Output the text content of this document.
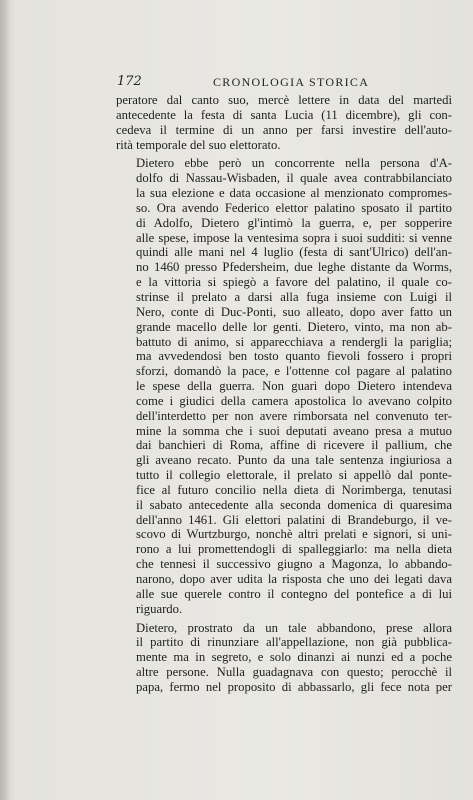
172	CRONOLOGIA STORICA
peratore dal canto suo, mercè lettere in data del martedì
antecedente la festa di santa Lucia (11 dicembre), gli con-
cedeva il termine di un anno per farsi investire dell'auto-
rità temporale del suo elettorato.
Dietero ebbe però un concorrente nella persona d'A-
dolfo di Nassau-Wisbaden, il quale avea contrabbilanciato
la sua elezione e data occasione al menzionato compromes-
so. Ora avendo Federico elettor palatino sposato il partito
di Adolfo, Dietero gl'intimò la guerra, e, per sopperire
alle spese, impose la ventesima sopra i suoi sudditi: si venne
quindi alle mani nel 4 luglio (festa di sant'Ulrico) dell'an-
no 1460 presso Pfedersheim, due leghe distante da Worms,
e la vittoria si spiegò a favore del palatino, il quale co-
strinse il prelato a darsi alla fuga insieme con Luigi il
Nero, conte di Duc-Ponti, suo alleato, dopo aver fatto un
grande macello delle lor genti. Dietero, vinto, ma non ab-
battuto di animo, si apparecchiava a rendergli la pariglia;
ma avvedendosi ben tosto quanto fievoli fossero i propri
sforzi, domandò la pace, e l'ottenne col pagare al palatino
le spese della guerra. Non guari dopo Dietero intendeva
come i giudici della camera apostolica lo avevano colpito
dell'interdetto per non avere rimborsata nel convenuto ter-
mine la somma che i suoi deputati aveano presa a mutuo
dai banchieri di Roma, affine di ricevere il pallium, che
gli aveano recato. Punto da una tale sentenza ingiuriosa a
tutto il collegio elettorale, il prelato si appellò dal ponte-
fice al futuro concilio nella dieta di Norimberga, tenutasi
il sabato antecedente alla seconda domenica di quaresima
dell'anno 1461. Gli elettori palatini di Brandeburgo, il ve-
scovo di Wurtzburgo, nonchè altri prelati e signori, si uni-
rono a lui promettendogli di spalleggiarlo: ma nella dieta
che tennesi il successivo giugno a Magonza, lo abbando-
narono, dopo aver udita la risposta che uno dei legati dava
alle sue querele contro il contegno del pontefice a di lui
riguardo.
Dietero, prostrato da un tale abbandono, prese allora
il partito di rinunziare all'appellazione, non già pubblica-
mente ma in segreto, e solo dinanzi ai nunzi ed a poche
altre persone. Nulla guadagnava con questo; perocchè il
papa, fermo nel proposito di abbassarlo, gli fece nota per
